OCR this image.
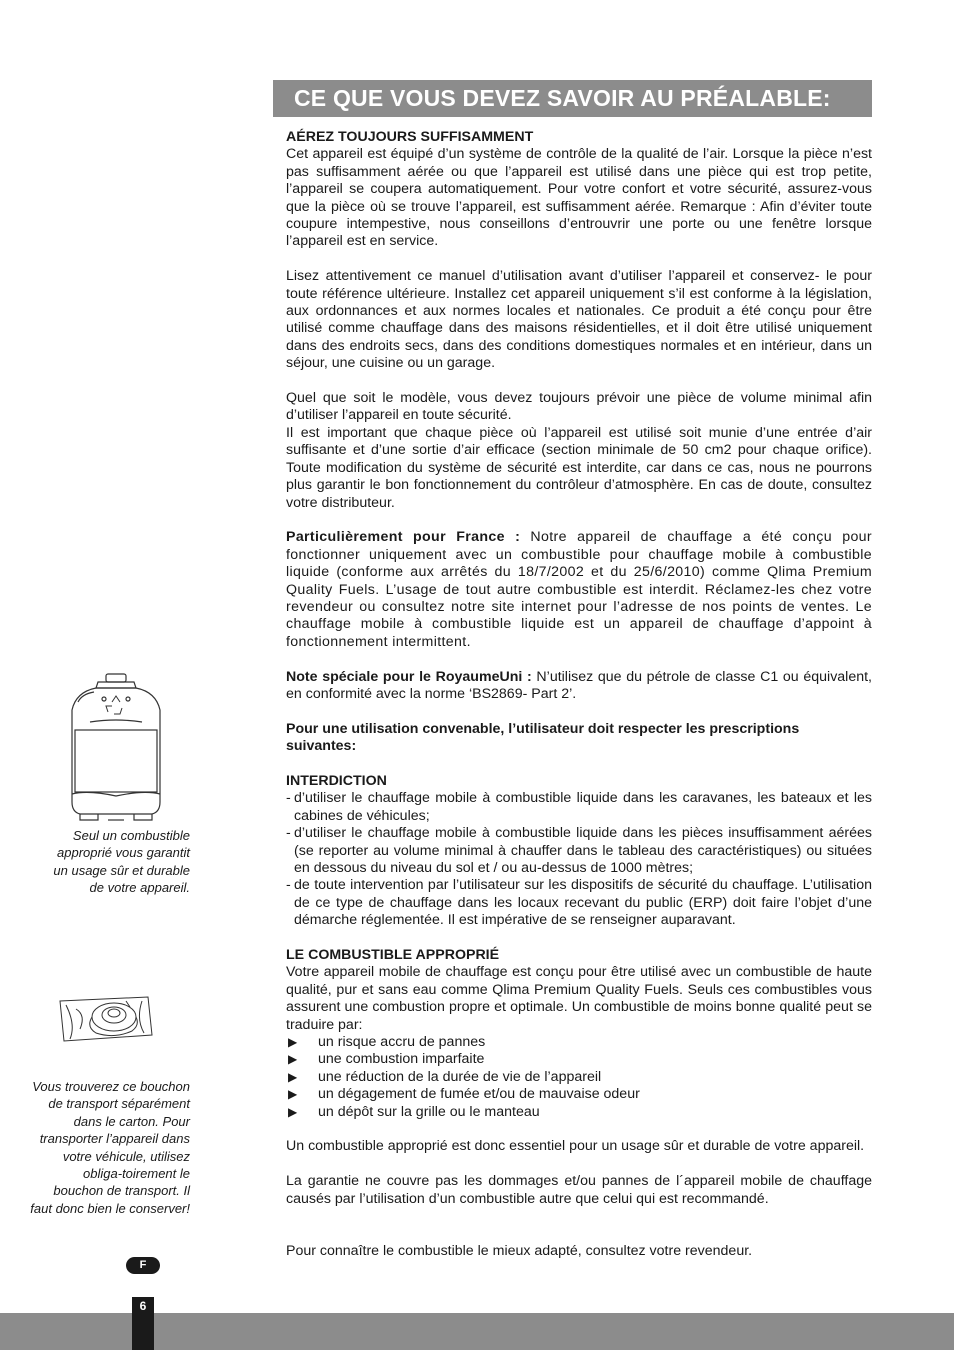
CE QUE VOUS DEVEZ SAVOIR AU PRÉALABLE:

AÉREZ TOUJOURS SUFFISAMMENT

Cet appareil est équipé d’un système de contrôle de la qualité de l’air. Lorsque la pièce n’est pas suffisamment aérée ou que l’appareil est utilisé dans une pièce qui est trop petite, l’appareil se coupera automatiquement. Pour votre confort et votre sécurité, assurez-vous que la pièce où se trouve l’appareil, est suffisamment aérée. Remarque : Afin d’éviter toute coupure intempestive, nous conseillons d’entrouvrir une porte ou une fenêtre lorsque l’appareil est en service.

Lisez attentivement ce manuel d’utilisation avant d’utiliser l’appareil et conservez- le pour toute référence ultérieure. Installez cet appareil uniquement s’il est conforme à la législation, aux ordonnances et aux normes locales et nationales. Ce produit a été conçu pour être utilisé comme chauffage dans des maisons résidentielles, et il doit être utilisé uniquement dans des endroits secs, dans des conditions domestiques normales et en intérieur, dans un séjour, une cuisine ou un garage.

Quel que soit le modèle, vous devez toujours prévoir une pièce de volume minimal afin d’utiliser l’appareil en toute sécurité.

Il est important que chaque pièce où l’appareil est utilisé soit munie d’une entrée d’air suffisante et d’une sortie d’air efficace (section minimale de 50 cm2 pour chaque orifice). Toute modification du système de sécurité est interdite, car dans ce cas, nous ne pourrons plus garantir le bon fonctionnement du contrôleur d’atmosphère. En cas de doute, consultez votre distributeur.

Particulièrement pour France : Notre appareil de chauffage a été conçu pour fonctionner uniquement avec un combustible pour chauffage mobile à combustible liquide (conforme aux arrêtés du 18/7/2002 et du 25/6/2010) comme Qlima Premium Quality Fuels. L’usage de tout autre combustible est interdit. Réclamez-les chez votre revendeur ou consultez notre site internet pour l’adresse de nos points de ventes. Le chauffage mobile à combustible liquide est un appareil de chauffage d’appoint à fonctionnement intermittent.

Note spéciale pour le RoyaumeUni : N’utilisez que du pétrole de classe C1 ou équivalent, en conformité avec la norme ‘BS2869- Part 2’.

Pour une utilisation convenable, l’utilisateur doit respecter les prescriptions suivantes:

INTERDICTION

- d’utiliser le chauffage mobile à combustible liquide dans les caravanes, les bateaux et les cabines de véhicules;
- d’utiliser le chauffage mobile à combustible liquide dans les pièces insuffisamment aérées (se reporter au volume minimal à chauffer dans le tableau des caractéristiques) ou situées en dessous du niveau du sol et / ou au-dessus de 1000 mètres;
- de toute intervention par l’utilisateur sur les dispositifs de sécurité du chauffage. L’utilisation de ce type de chauffage dans les locaux recevant du public (ERP) doit faire l’objet d’une démarche réglementée. Il est impérative de se renseigner auparavant.

LE COMBUSTIBLE APPROPRIÉ

Votre appareil mobile de chauffage est conçu pour être utilisé avec un combustible de haute qualité, pur et sans eau comme Qlima Premium Quality Fuels. Seuls ces combustibles vous assurent une combustion propre et optimale. Un combustible de moins bonne qualité peut se traduire par:

▶ un risque accru de pannes
▶ une combustion imparfaite
▶ une réduction de la durée de vie de l’appareil
▶ un dégagement de fumée et/ou de mauvaise odeur
▶ un dépôt sur la grille ou le manteau

Un combustible approprié est donc essentiel pour un usage sûr et durable de votre appareil.

La garantie ne couvre pas les dommages et/ou pannes de l´appareil mobile de chauffage causés par l’utilisation d’un combustible autre que celui qui est recommandé.

Pour connaître le combustible le mieux adapté, consultez votre revendeur.

Seul un combustible approprié vous garantit un usage sûr et durable de votre appareil.

Vous trouverez ce bouchon de transport séparément dans le carton. Pour transporter l’appareil dans votre véhicule, utilisez obliga-toirement le bouchon de transport. Il faut donc bien le conserver!

F
6
